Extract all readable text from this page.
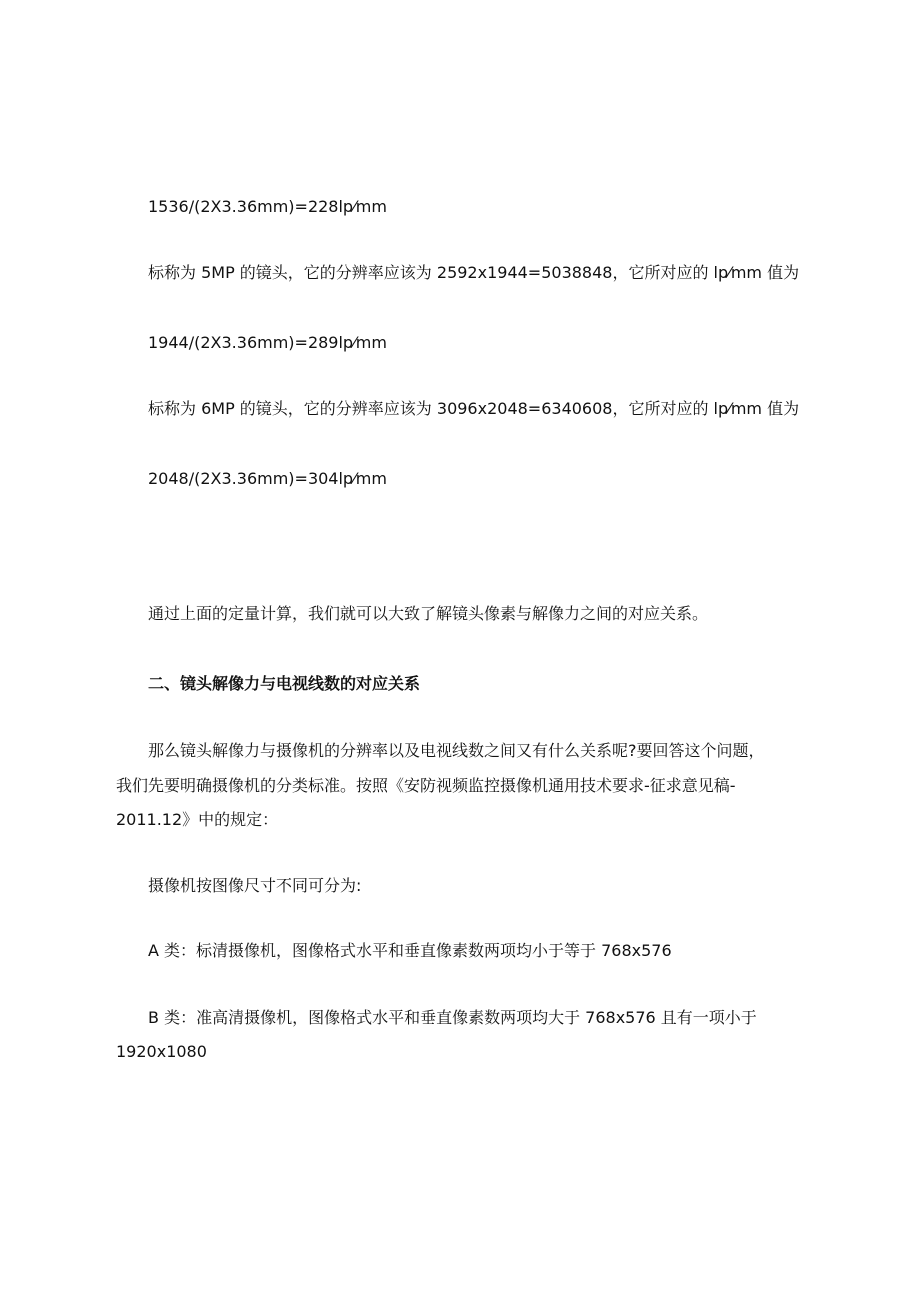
1536/(2X3.36mm)=228lp⁄mm
标称为 5MP 的镜头，它的分辨率应该为 2592x1944=5038848，它所对应的 lp⁄mm 值为
1944/(2X3.36mm)=289lp⁄mm
标称为 6MP 的镜头，它的分辨率应该为 3096x2048=6340608，它所对应的 lp⁄mm 值为
2048/(2X3.36mm)=304lp⁄mm
通过上面的定量计算，我们就可以大致了解镜头像素与解像力之间的对应关系。
二、镜头解像力与电视线数的对应关系
那么镜头解像力与摄像机的分辨率以及电视线数之间又有什么关系呢?要回答这个问题，
我们先要明确摄像机的分类标准。按照《安防视频监控摄像机通用技术要求-征求意见稿-
2011.12》中的规定：
摄像机按图像尺寸不同可分为:
A 类：标清摄像机，图像格式水平和垂直像素数两项均小于等于 768x576
B 类：准高清摄像机，图像格式水平和垂直像素数两项均大于 768x576 且有一项小于
1920x1080
